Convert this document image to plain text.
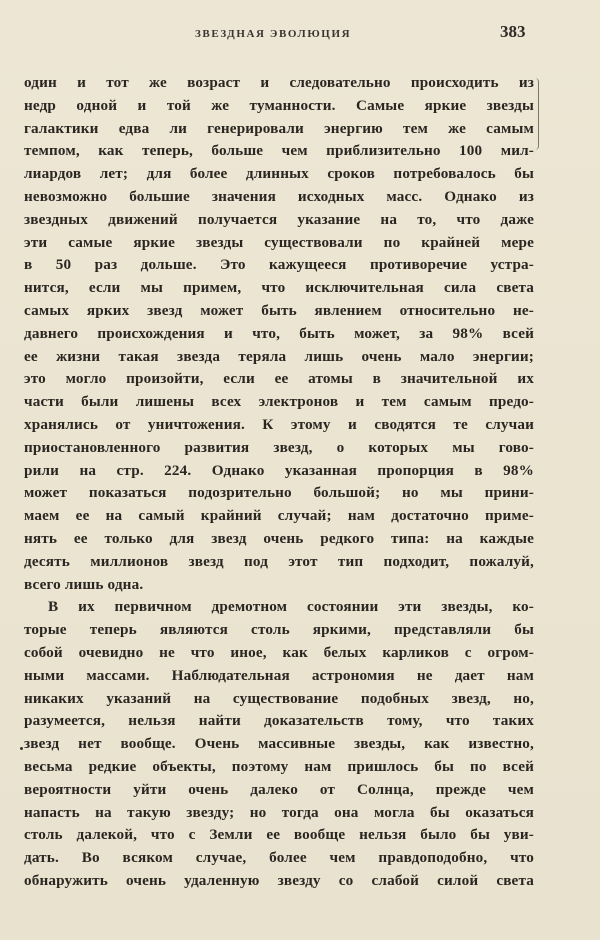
ЗВЕЗДНАЯ ЭВОЛЮЦИЯ	383
один и тот же возраст и следовательно происходить из
недр одной и той же туманности. Самые яркие звезды
галактики едва ли генерировали энергию тем же самым
темпом, как теперь, больше чем приблизительно 100 мил-
лиардов лет; для более длинных сроков потребовалось бы
невозможно большие значения исходных масс. Однако из
звездных движений получается указание на то, что даже
эти самые яркие звезды существовали по крайней мере
в 50 раз дольше. Это кажущееся противоречие устра-
нится, если мы примем, что исключительная сила света
самых ярких звезд может быть явлением относительно не-
давнего происхождения и что, быть может, за 98% всей
ее жизни такая звезда теряла лишь очень мало энергии;
это могло произойти, если ее атомы в значительной их
части были лишены всех электронов и тем самым предо-
хранялись от уничтожения. К этому и сводятся те случаи
приостановленного развития звезд, о которых мы гово-
рили на стр. 224. Однако указанная пропорция в 98%
может показаться подозрительно большой; но мы прини-
маем ее на самый крайний случай; нам достаточно приме-
нять ее только для звезд очень редкого типа: на каждые
десять миллионов звезд под этот тип подходит, пожалуй,
всего лишь одна.
В их первичном дремотном состоянии эти звезды, ко-
торые теперь являются столь яркими, представляли бы
собой очевидно не что иное, как белых карликов с огром-
ными массами. Наблюдательная астрономия не дает нам
никаких указаний на существование подобных звезд, но,
разумеется, нельзя найти доказательств тому, что таких
звезд нет вообще. Очень массивные звезды, как известно,
весьма редкие объекты, поэтому нам пришлось бы по всей
вероятности уйти очень далеко от Солнца, прежде чем
напасть на такую звезду; но тогда она могла бы оказаться
столь далекой, что с Земли ее вообще нельзя было бы уви-
дать. Во всяком случае, более чем правдоподобно, что
обнаружить очень удаленную звезду со слабой силой света
